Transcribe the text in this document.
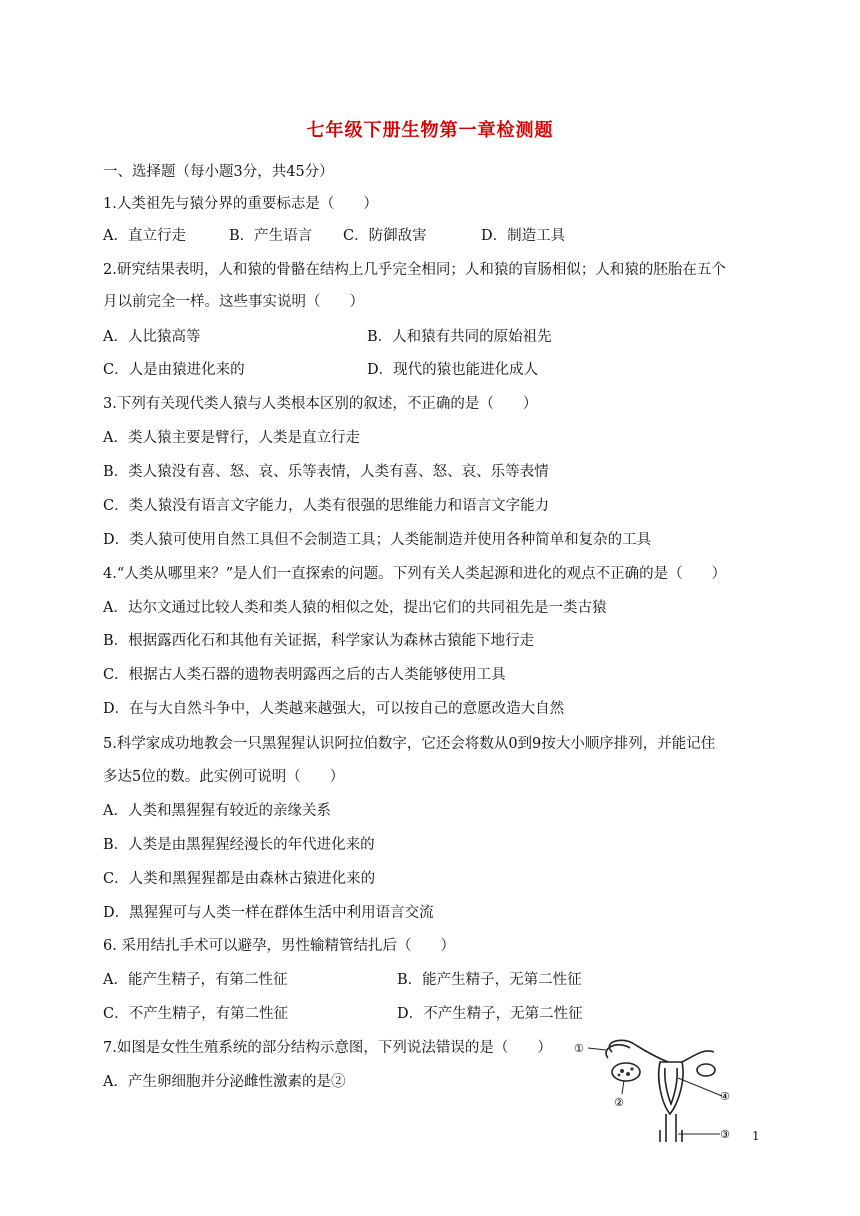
七年级下册生物第一章检测题
一、选择题（每小题3分，共45分）
1.人类祖先与猿分界的重要标志是（　　）
A．直立行走	B．产生语言 C．防御敌害	D．制造工具
2.研究结果表明，人和猿的骨骼在结构上几乎完全相同；人和猿的盲肠相似；人和猿的胚胎在五个
月以前完全一样。这些事实说明（　　）
A．人比猿高等	B．人和猿有共同的原始祖先
C．人是由猿进化来的	D．现代的猿也能进化成人
3.下列有关现代类人猿与人类根本区别的叙述，不正确的是（　　）
A．类人猿主要是臂行，人类是直立行走
B．类人猿没有喜、怒、哀、乐等表情，人类有喜、怒、哀、乐等表情
C．类人猿没有语言文字能力，人类有很强的思维能力和语言文字能力
D．类人猿可使用自然工具但不会制造工具；人类能制造并使用各种简单和复杂的工具
4.“人类从哪里来？”是人们一直探索的问题。下列有关人类起源和进化的观点不正确的是（　　）
A．达尔文通过比较人类和类人猿的相似之处，提出它们的共同祖先是一类古猿
B．根据露西化石和其他有关证据，科学家认为森林古猿能下地行走
C．根据古人类石器的遗物表明露西之后的古人类能够使用工具
D．在与大自然斗争中，人类越来越强大，可以按自己的意愿改造大自然
5.科学家成功地教会一只黑猩猩认识阿拉伯数字，它还会将数从0到9按大小顺序排列，并能记住
多达5位的数。此实例可说明（　　）
A．人类和黑猩猩有较近的亲缘关系
B．人类是由黑猩猩经漫长的年代进化来的
C．人类和黑猩猩都是由森林古猿进化来的
D．黑猩猩可与人类一样在群体生活中利用语言交流
6. 采用结扎手术可以避孕，男性输精管结扎后（　　）
A．能产生精子，有第二性征	B．能产生精子，无第二性征
C．不产生精子，有第二性征	D．不产生精子，无第二性征
7.如图是女性生殖系统的部分结构示意图，下列说法错误的是（　　）
A．产生卵细胞并分泌雌性激素的是②
①
②	④
③ 1
